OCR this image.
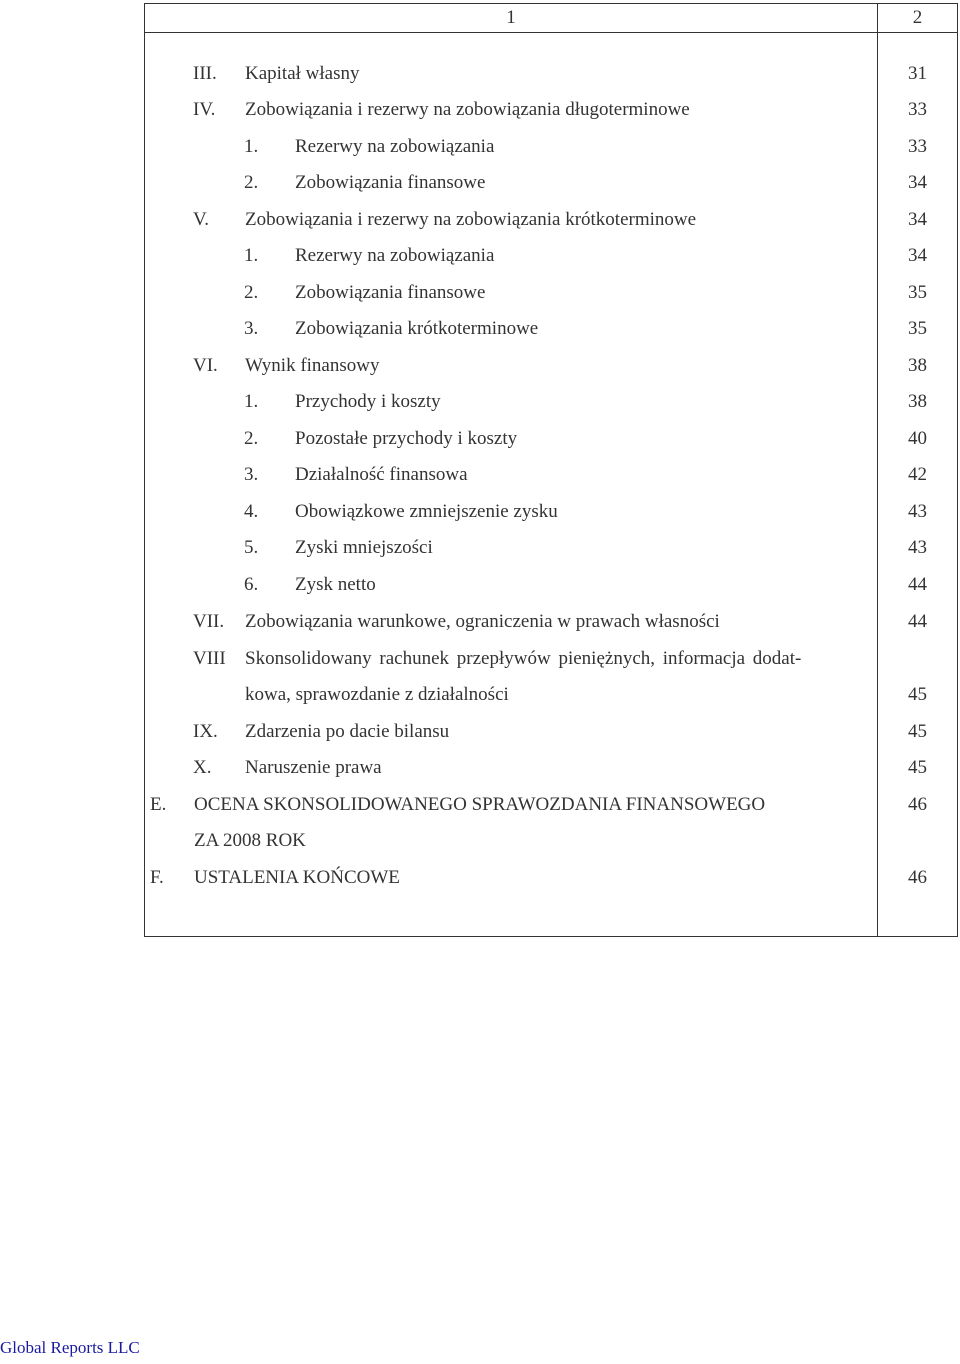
1	2
III. Kapitał własny	31
IV. Zobowiązania i rezerwy na zobowiązania długoterminowe	33
1. Rezerwy na zobowiązania	33
2. Zobowiązania finansowe	34
V. Zobowiązania i rezerwy na zobowiązania krótkoterminowe	34
1. Rezerwy na zobowiązania	34
2. Zobowiązania finansowe	35
3. Zobowiązania krótkoterminowe	35
VI. Wynik finansowy	38
1. Przychody i koszty	38
2. Pozostałe przychody i koszty	40
3. Działalność finansowa	42
4. Obowiązkowe zmniejszenie zysku	43
5. Zyski mniejszości	43
6. Zysk netto	44
VII. Zobowiązania warunkowe, ograniczenia w prawach własności	44
VIII Skonsolidowany rachunek przepływów pieniężnych, informacja dodat-
kowa, sprawozdanie z działalności	45
IX. Zdarzenia po dacie bilansu	45
X. Naruszenie prawa	45
E. OCENA SKONSOLIDOWANEGO SPRAWOZDANIA FINANSOWEGO	46
ZA 2008 ROK
F. USTALENIA KOŃCOWE	46
Global Reports LLC
